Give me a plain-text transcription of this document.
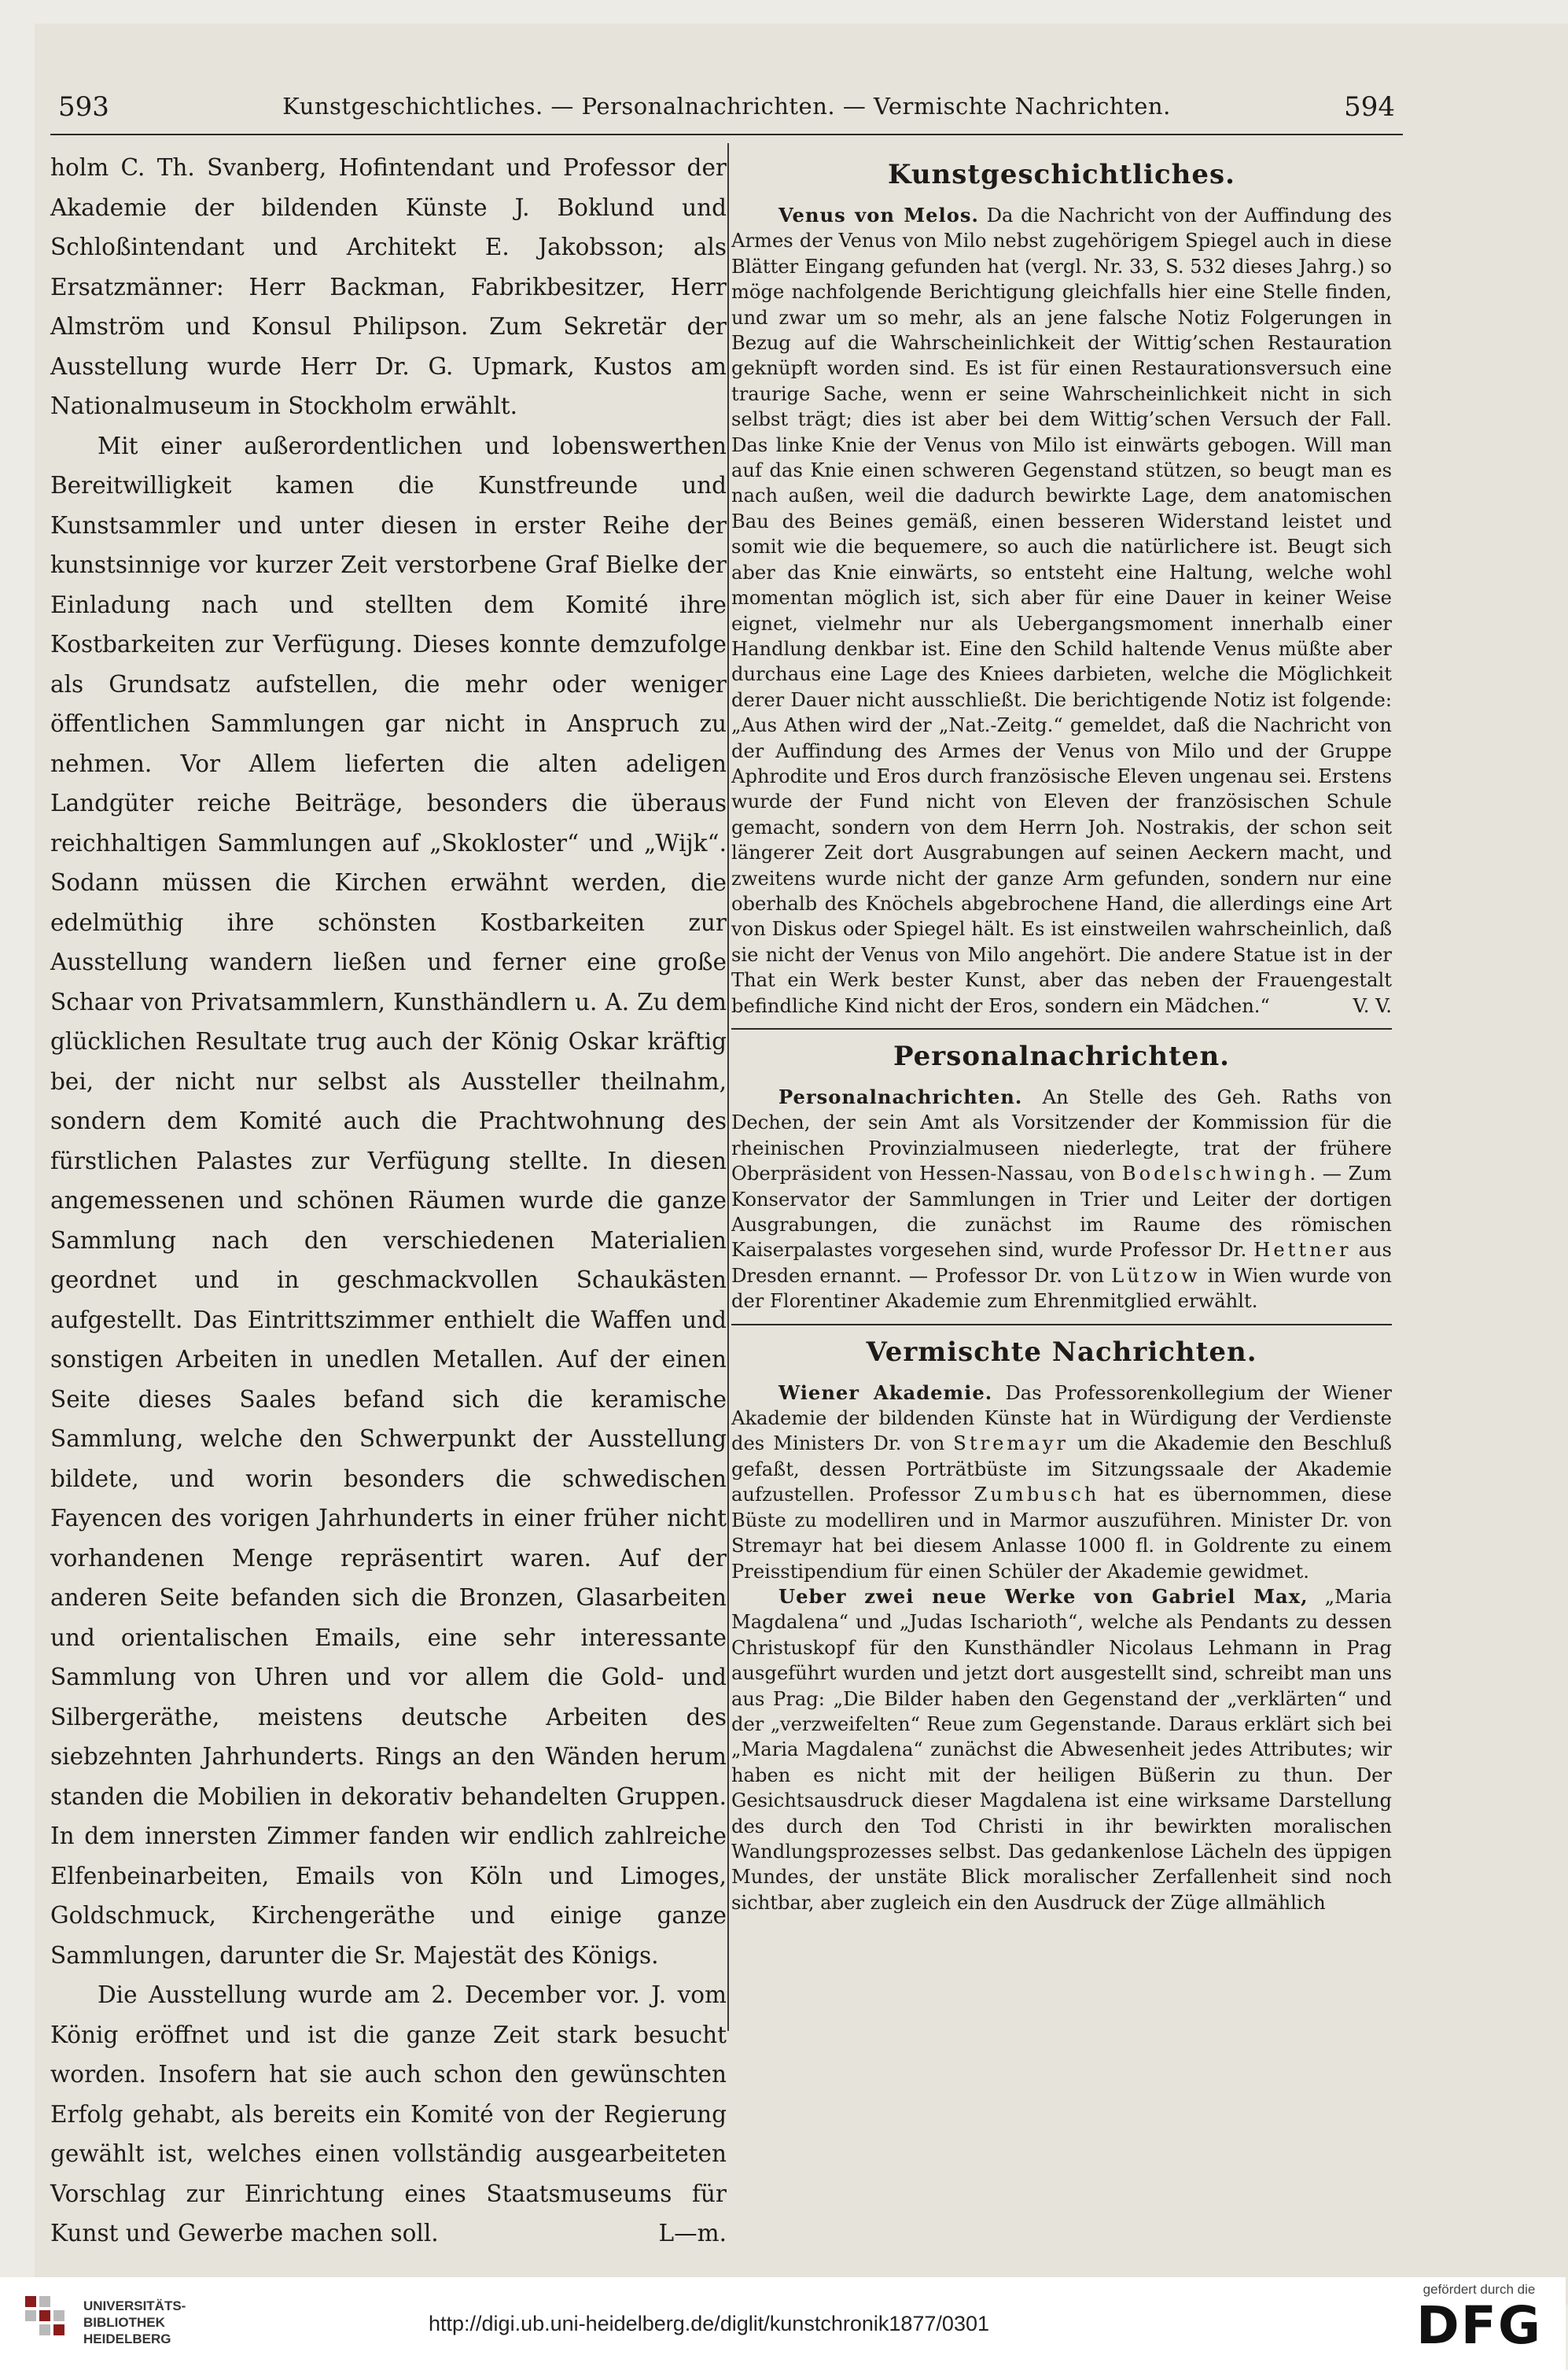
593	Kunstgeschichtliches. — Personalnachrichten. — Vermischte Nachrichten.	594

holm C. Th. Svanberg, Hofintendant und Professor der Akademie der bildenden Künste J. Boklund und Schloßintendant und Architekt E. Jakobsson; als Ersatzmänner: Herr Backman, Fabrikbesitzer, Herr Almström und Konsul Philipson. Zum Sekretär der Ausstellung wurde Herr Dr. G. Upmark, Kustos am Nationalmuseum in Stockholm erwählt.

Mit einer außerordentlichen und lobenswerthen Bereitwilligkeit kamen die Kunstfreunde und Kunstsammler und unter diesen in erster Reihe der kunstsinnige vor kurzer Zeit verstorbene Graf Bielke der Einladung nach und stellten dem Komité ihre Kostbarkeiten zur Verfügung. Dieses konnte demzufolge als Grundsatz aufstellen, die mehr oder weniger öffentlichen Sammlungen gar nicht in Anspruch zu nehmen. Vor Allem lieferten die alten adeligen Landgüter reiche Beiträge, besonders die überaus reichhaltigen Sammlungen auf „Skokloster“ und „Wijk“. Sodann müssen die Kirchen erwähnt werden, die edelmüthig ihre schönsten Kostbarkeiten zur Ausstellung wandern ließen und ferner eine große Schaar von Privatsammlern, Kunsthändlern u. A. Zu dem glücklichen Resultate trug auch der König Oskar kräftig bei, der nicht nur selbst als Aussteller theilnahm, sondern dem Komité auch die Prachtwohnung des fürstlichen Palastes zur Verfügung stellte. In diesen angemessenen und schönen Räumen wurde die ganze Sammlung nach den verschiedenen Materialien geordnet und in geschmackvollen Schaukästen aufgestellt. Das Eintrittszimmer enthielt die Waffen und sonstigen Arbeiten in unedlen Metallen. Auf der einen Seite dieses Saales befand sich die keramische Sammlung, welche den Schwerpunkt der Ausstellung bildete, und worin besonders die schwedischen Fayencen des vorigen Jahrhunderts in einer früher nicht vorhandenen Menge repräsentirt waren. Auf der anderen Seite befanden sich die Bronzen, Glasarbeiten und orientalischen Emails, eine sehr interessante Sammlung von Uhren und vor allem die Gold- und Silbergeräthe, meistens deutsche Arbeiten des siebzehnten Jahrhunderts. Rings an den Wänden herum standen die Mobilien in dekorativ behandelten Gruppen. In dem innersten Zimmer fanden wir endlich zahlreiche Elfenbeinarbeiten, Emails von Köln und Limoges, Goldschmuck, Kirchengeräthe und einige ganze Sammlungen, darunter die Sr. Majestät des Königs.

Die Ausstellung wurde am 2. December vor. J. vom König eröffnet und ist die ganze Zeit stark besucht worden. Insofern hat sie auch schon den gewünschten Erfolg gehabt, als bereits ein Komité von der Regierung gewählt ist, welches einen vollständig ausgearbeiteten Vorschlag zur Einrichtung eines Staatsmuseums für Kunst und Gewerbe machen soll.	L—m.

Kunstgeschichtliches.

Venus von Melos. Da die Nachricht von der Auffindung des Armes der Venus von Milo nebst zugehörigem Spiegel auch in diese Blätter Eingang gefunden hat (vergl. Nr. 33, S. 532 dieses Jahrg.) so möge nachfolgende Berichtigung gleichfalls hier eine Stelle finden, und zwar um so mehr, als an jene falsche Notiz Folgerungen in Bezug auf die Wahrscheinlichkeit der Wittig’schen Restauration geknüpft worden sind. Es ist für einen Restaurationsversuch eine traurige Sache, wenn er seine Wahrscheinlichkeit nicht in sich selbst trägt; dies ist aber bei dem Wittig’schen Versuch der Fall. Das linke Knie der Venus von Milo ist einwärts gebogen. Will man auf das Knie einen schweren Gegenstand stützen, so beugt man es nach außen, weil die dadurch bewirkte Lage, dem anatomischen Bau des Beines gemäß, einen besseren Widerstand leistet und somit wie die bequemere, so auch die natürlichere ist. Beugt sich aber das Knie einwärts, so entsteht eine Haltung, welche wohl momentan möglich ist, sich aber für eine Dauer in keiner Weise eignet, vielmehr nur als Uebergangsmoment innerhalb einer Handlung denkbar ist. Eine den Schild haltende Venus müßte aber durchaus eine Lage des Kniees darbieten, welche die Möglichkeit derer Dauer nicht ausschließt. Die berichtigende Notiz ist folgende: „Aus Athen wird der „Nat.-Zeitg.“ gemeldet, daß die Nachricht von der Auffindung des Armes der Venus von Milo und der Gruppe Aphrodite und Eros durch französische Eleven ungenau sei. Erstens wurde der Fund nicht von Eleven der französischen Schule gemacht, sondern von dem Herrn Joh. Nostrakis, der schon seit längerer Zeit dort Ausgrabungen auf seinen Aeckern macht, und zweitens wurde nicht der ganze Arm gefunden, sondern nur eine oberhalb des Knöchels abgebrochene Hand, die allerdings eine Art von Diskus oder Spiegel hält. Es ist einstweilen wahrscheinlich, daß sie nicht der Venus von Milo angehört. Die andere Statue ist in der That ein Werk bester Kunst, aber das neben der Frauengestalt befindliche Kind nicht der Eros, sondern ein Mädchen.“	V. V.

Personalnachrichten.

Personalnachrichten. An Stelle des Geh. Raths von Dechen, der sein Amt als Vorsitzender der Kommission für die rheinischen Provinzialmuseen niederlegte, trat der frühere Oberpräsident von Hessen-Nassau, von Bodelschwingh. — Zum Konservator der Sammlungen in Trier und Leiter der dortigen Ausgrabungen, die zunächst im Raume des römischen Kaiserpalastes vorgesehen sind, wurde Professor Dr. Hettner aus Dresden ernannt. — Professor Dr. von Lützow in Wien wurde von der Florentiner Akademie zum Ehrenmitglied erwählt.

Vermischte Nachrichten.

Wiener Akademie. Das Professorenkollegium der Wiener Akademie der bildenden Künste hat in Würdigung der Verdienste des Ministers Dr. von Stremayr um die Akademie den Beschluß gefaßt, dessen Porträtbüste im Sitzungssaale der Akademie aufzustellen. Professor Zumbusch hat es übernommen, diese Büste zu modelliren und in Marmor auszuführen. Minister Dr. von Stremayr hat bei diesem Anlasse 1000 fl. in Goldrente zu einem Preisstipendium für einen Schüler der Akademie gewidmet.

Ueber zwei neue Werke von Gabriel Max, „Maria Magdalena“ und „Judas Ischarioth“, welche als Pendants zu dessen Christuskopf für den Kunsthändler Nicolaus Lehmann in Prag ausgeführt wurden und jetzt dort ausgestellt sind, schreibt man uns aus Prag: „Die Bilder haben den Gegenstand der „verklärten“ und der „verzweifelten“ Reue zum Gegenstande. Daraus erklärt sich bei „Maria Magdalena“ zunächst die Abwesenheit jedes Attributes; wir haben es nicht mit der heiligen Büßerin zu thun. Der Gesichtsausdruck dieser Magdalena ist eine wirksame Darstellung des durch den Tod Christi in ihr bewirkten moralischen Wandlungsprozesses selbst. Das gedankenlose Lächeln des üppigen Mundes, der unstäte Blick moralischer Zerfallenheit sind noch sichtbar, aber zugleich ein den Ausdruck der Züge allmählich

UNIVERSITÄTS-
BIBLIOTHEK
HEIDELBERG
http://digi.ub.uni-heidelberg.de/diglit/kunstchronik1877/0301
gefördert durch die
DFG
